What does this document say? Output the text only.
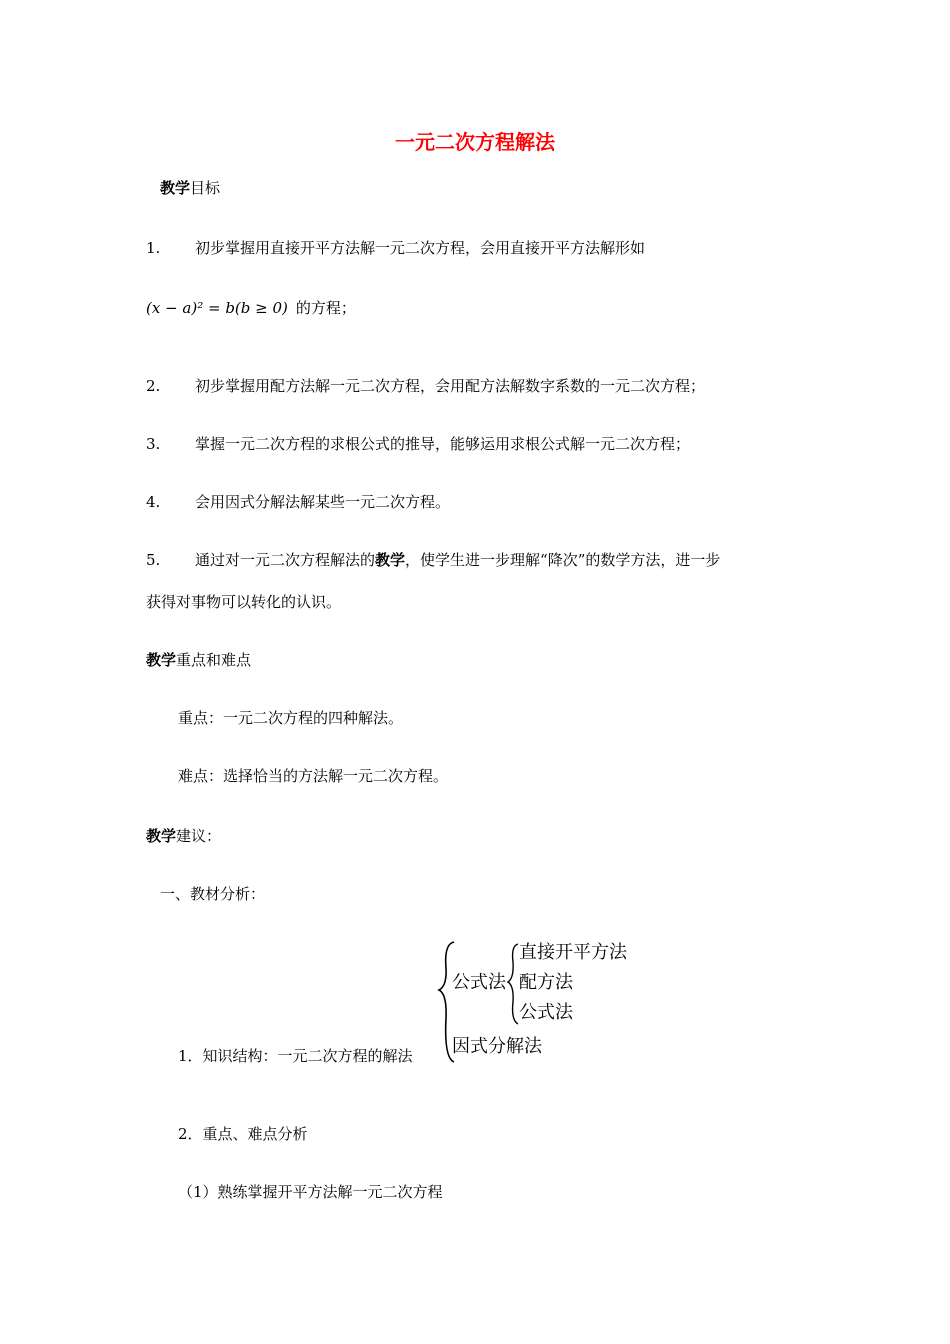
一元二次方程解法
教学目标
1. 初步掌握用直接开平方法解一元二次方程，会用直接开平方法解形如
(x − a)² = b(b ≥ 0) 的方程；
2. 初步掌握用配方法解一元二次方程，会用配方法解数字系数的一元二次方程；
3. 掌握一元二次方程的求根公式的推导，能够运用求根公式解一元二次方程；
4. 会用因式分解法解某些一元二次方程。
5. 通过对一元二次方程解法的教学，使学生进一步理解“降次”的数学方法，进一步
获得对事物可以转化的认识。
教学重点和难点
重点：一元二次方程的四种解法。
难点：选择恰当的方法解一元二次方程。
教学建议：
一、教材分析：
公式法
直接开平方法
配方法
公式法
因式分解法
1．知识结构：一元二次方程的解法
2．重点、难点分析
（1）熟练掌握开平方法解一元二次方程
